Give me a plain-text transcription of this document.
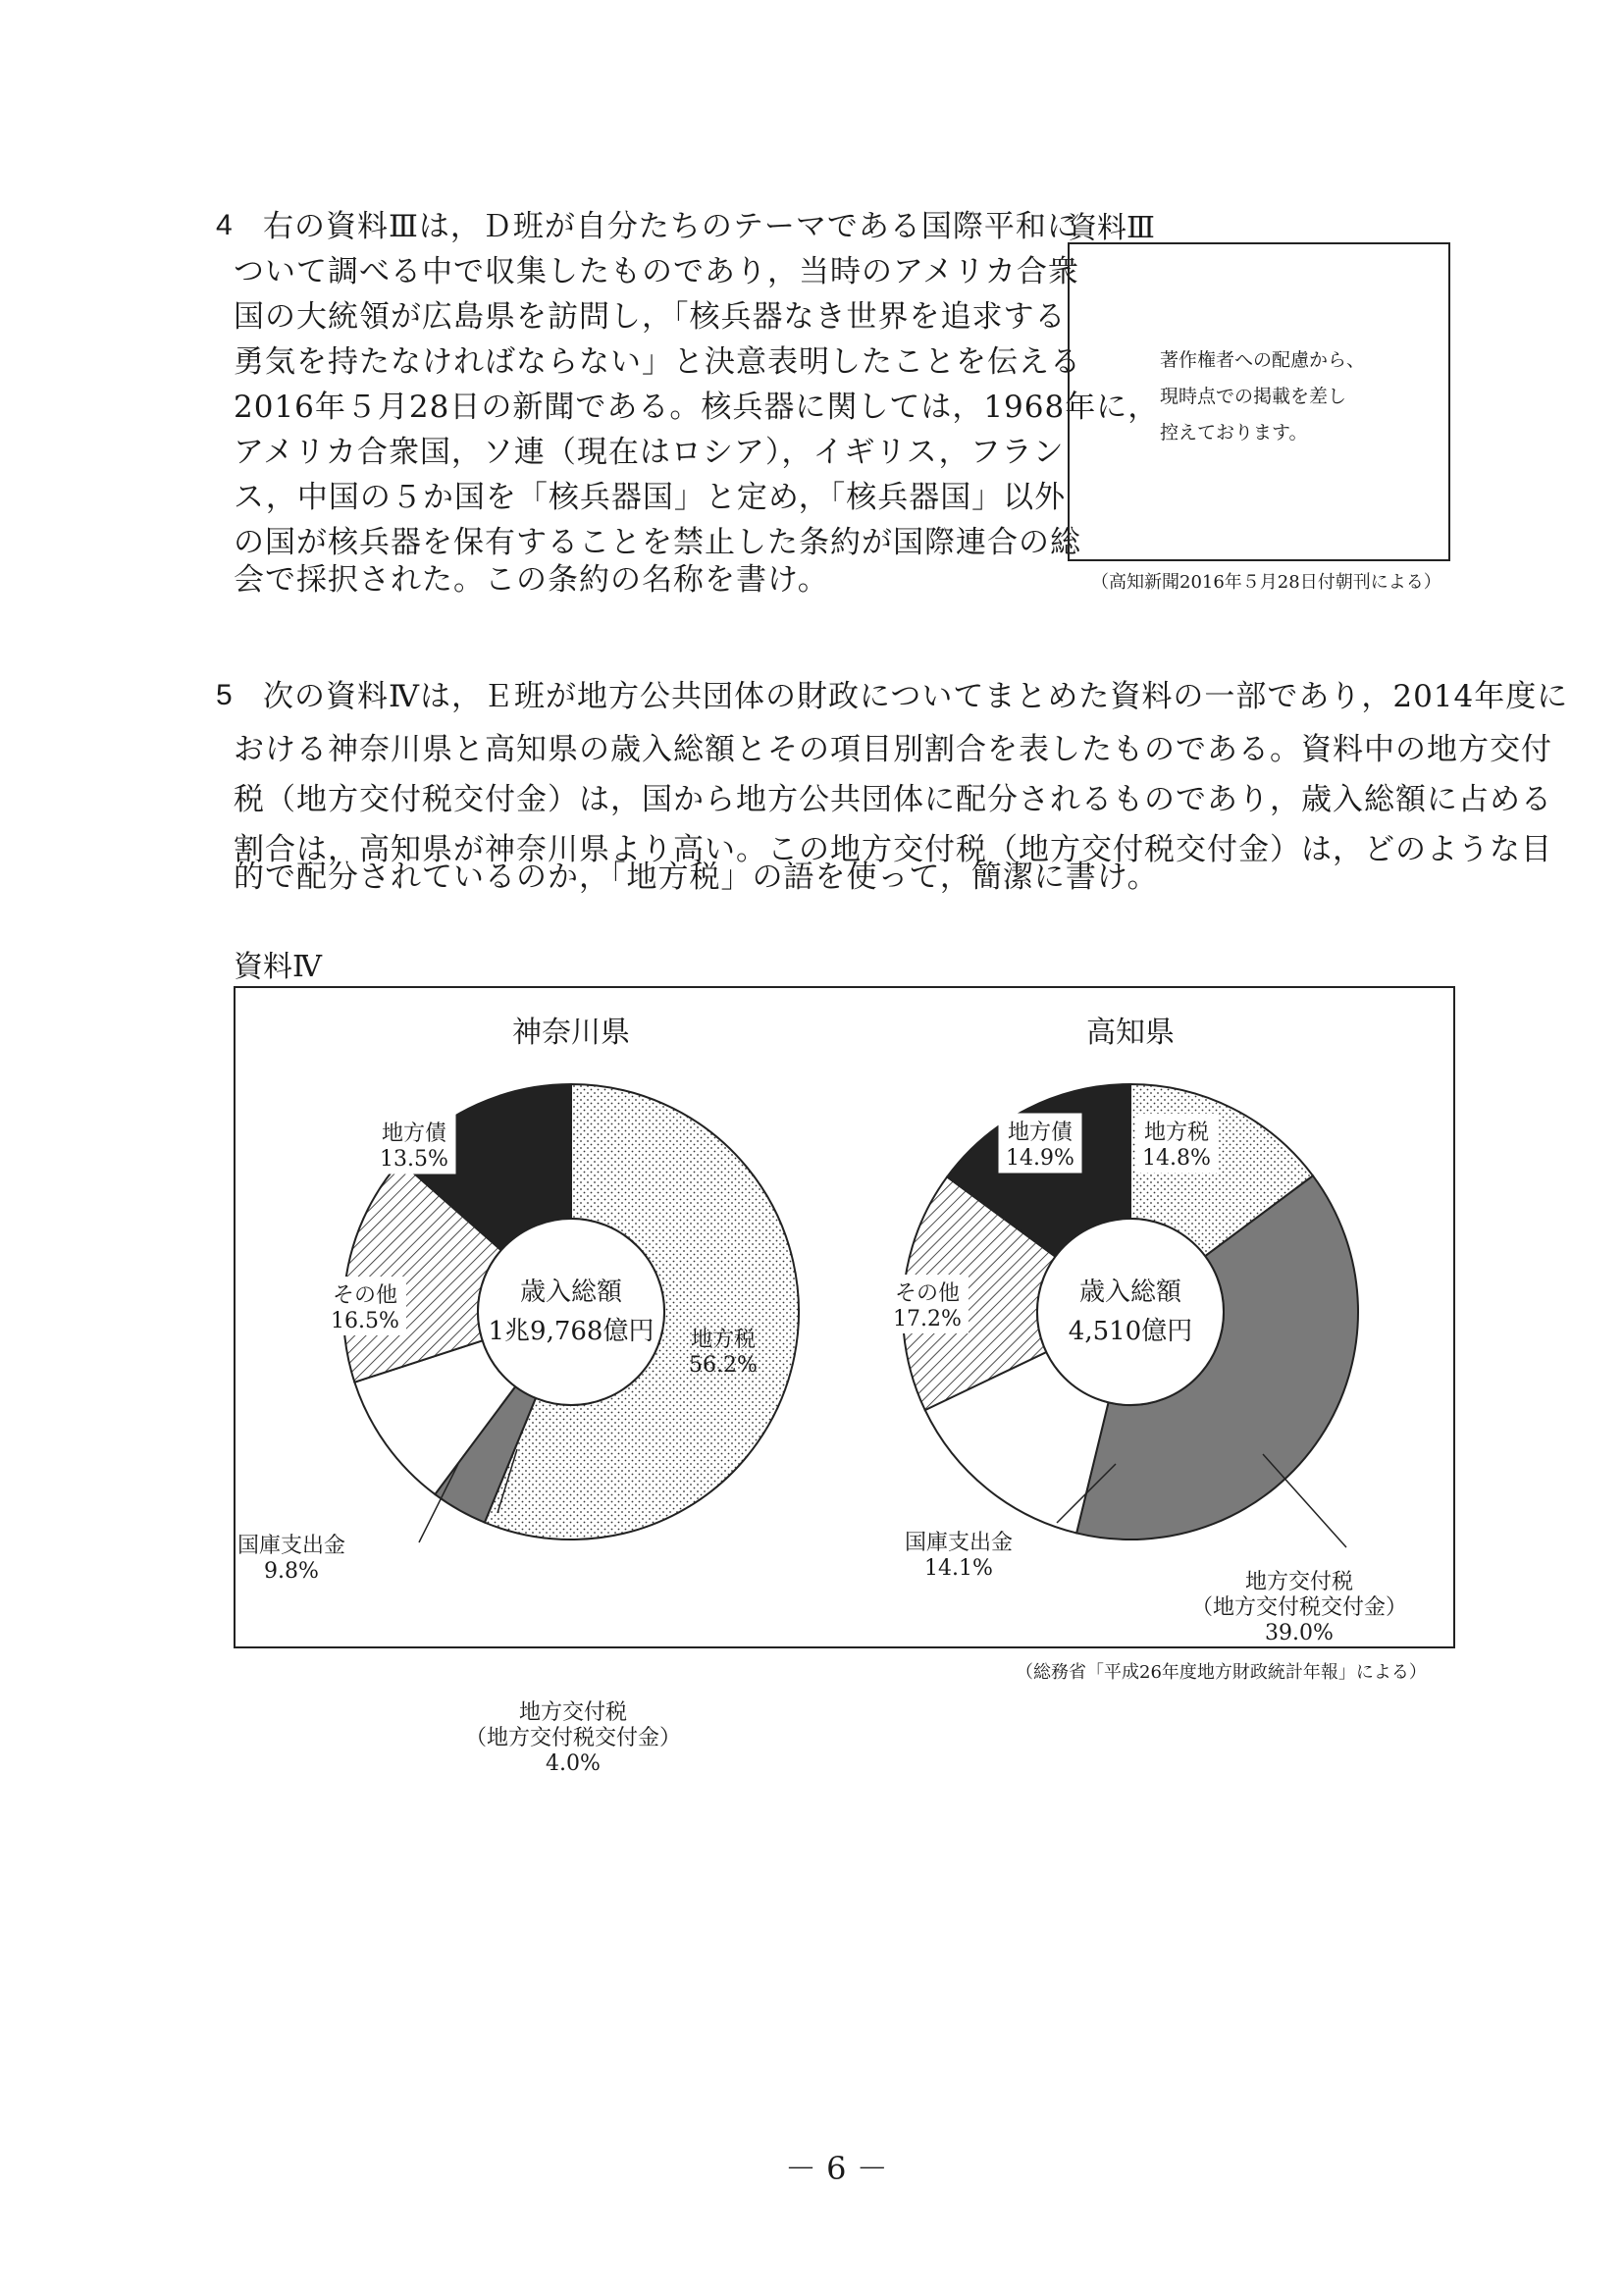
4 右の資料Ⅲは，Ｄ班が自分たちのテーマである国際平和に
ついて調べる中で収集したものであり，当時のアメリカ合衆
国の大統領が広島県を訪問し，「核兵器なき世界を追求する
勇気を持たなければならない」と決意表明したことを伝える
2016年５月28日の新聞である。核兵器に関しては，1968年に，
アメリカ合衆国，ソ連（現在はロシア），イギリス，フラン
ス，中国の５か国を「核兵器国」と定め，「核兵器国」以外
の国が核兵器を保有することを禁止した条約が国際連合の総
会で採択された。この条約の名称を書け。
資料Ⅲ
著作権者への配慮から、
現時点での掲載を差し
控えております。
（高知新聞2016年５月28日付朝刊による）
5 次の資料Ⅳは，Ｅ班が地方公共団体の財政についてまとめた資料の一部であり，2014年度に
おける神奈川県と高知県の歳入総額とその項目別割合を表したものである。資料中の地方交付
税（地方交付税交付金）は，国から地方公共団体に配分されるものであり，歳入総額に占める
割合は，高知県が神奈川県より高い。この地方交付税（地方交付税交付金）は，どのような目
的で配分されているのか，「地方税」の語を使って，簡潔に書け。
資料Ⅳ
歳入総額
1兆9,768億円
神奈川県
地方税
56.2%
地方交付税
（地方交付税交付金）
4.0%
国庫支出金
9.8%
その他
16.5%
地方債
13.5%
歳入総額
4,510億円
高知県
地方税
14.8%
地方交付税
（地方交付税交付金）
39.0%
国庫支出金
14.1%
その他
17.2%
地方債
14.9%
（総務省「平成26年度地方財政統計年報」による）
－ 6 －
